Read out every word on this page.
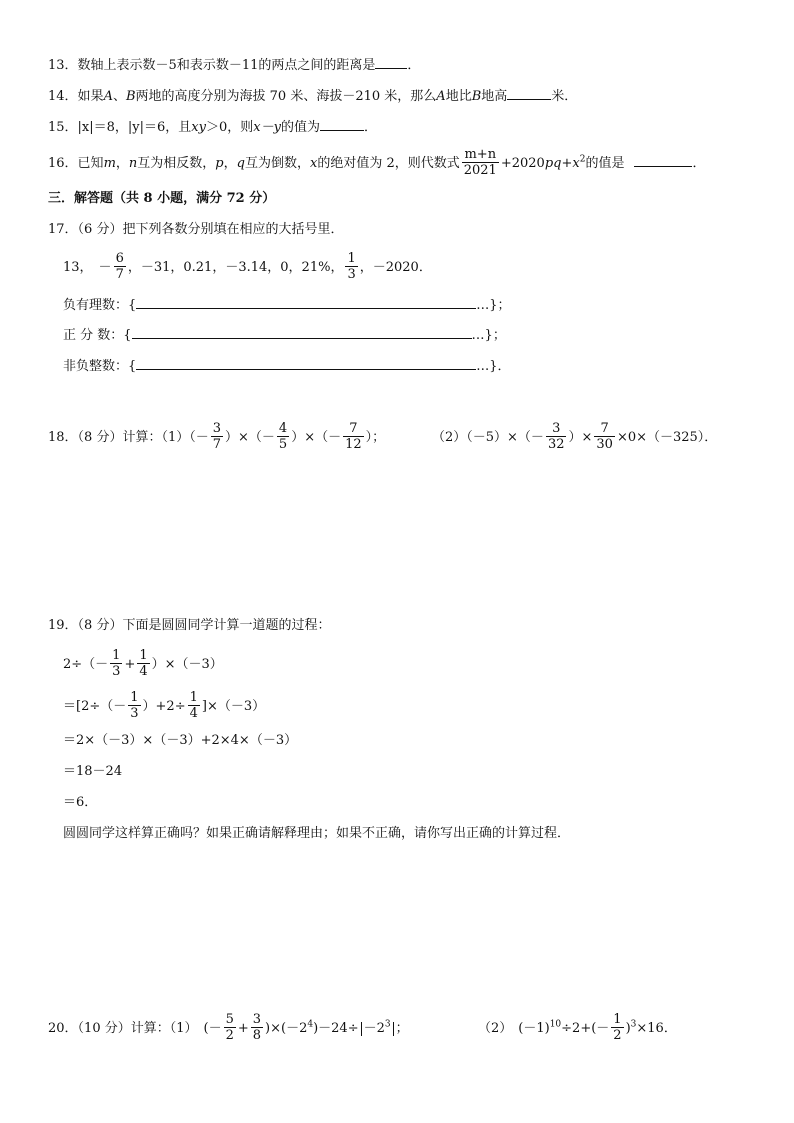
13．数轴上表示数－5和表示数－11的两点之间的距离是 ．
14．如果A、B两地的高度分别为海拔 70 米、海拔－210 米，那么A地比B地高	米．
15．|x|＝8，|y|＝6，且xy＞0，则x－y的值为	．
16．已知m，n互为相反数，p，q互为倒数，x的绝对值为 2，则代数式 $\frac{m+n}{2021} +2020pq+x^2$的值是	．
三．解答题（共 8 小题，满分 72 分）
17．（6 分）把下列各数分别填在相应的大括号里．
13， － $\frac{6}{7}$ ，－31，0.21，－3.14，0，21%， $\frac{1}{3}$ ，－2020．
负有理数：{	…}；
正 分 数：{	…}；
非负整数：{	…}．
18．（8 分）计算：$(1)(- \frac{3}{7}$ ）×（－ $\frac{4}{5}$ ）×（－ $\frac{7}{12}$ ）；	$(2)(-5)\times(- \frac{3}{32}$ ）× $\frac{7}{30} \times 0\times(-325)$．
19．（8 分）下面是圆圆同学计算一道题的过程：
$2\div(- \frac{1}{3} + \frac{1}{4} )\times(-3)$
$=[2\div(- \frac{1}{3} )+2\div \frac{1}{4} ]\times(-3)$
＝2×（－3）×（－3）+2×4×（－3）
＝18－24
＝6．
圆圆同学这样算正确吗？如果正确请解释理由；如果不正确，请你写出正确的计算过程．
20．（10 分）计算：（1） (－ $\frac{5}{2} + \frac{3}{8} )\times(-2^4)-24\div -2^3$ ；	（2） $(-1)^{10}\div 2+(- \frac{1}{2} )^3\times 16$．
